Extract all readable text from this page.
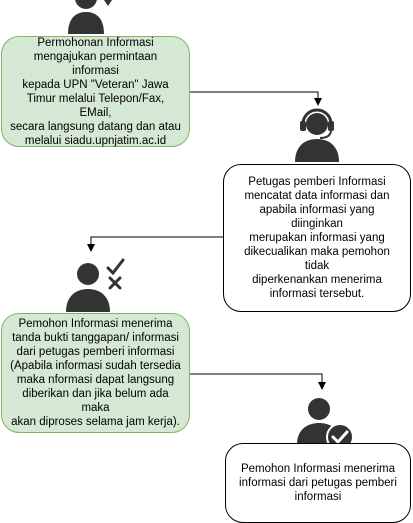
Permohonan Informasi
mengajukan permintaan informasi
kepada UPN "Veteran" Jawa
Timur melalui Telepon/Fax, EMail,
secara langsung datang dan atau
melalui siadu.upnjatim.ac.id
Petugas pemberi Informasi
mencatat data informasi dan
apabila informasi yang diinginkan
merupakan informasi yang
dikecualikan maka pemohon tidak
diperkenankan menerima
informasi tersebut.
Pemohon Informasi menerima
tanda bukti tanggapan/ informasi
dari petugas pemberi informasi
(Apabila informasi sudah tersedia
maka nformasi dapat langsung
diberikan dan jika belum ada maka
akan diproses selama jam kerja).
Pemohon Informasi menerima
informasi dari petugas pemberi
informasi
